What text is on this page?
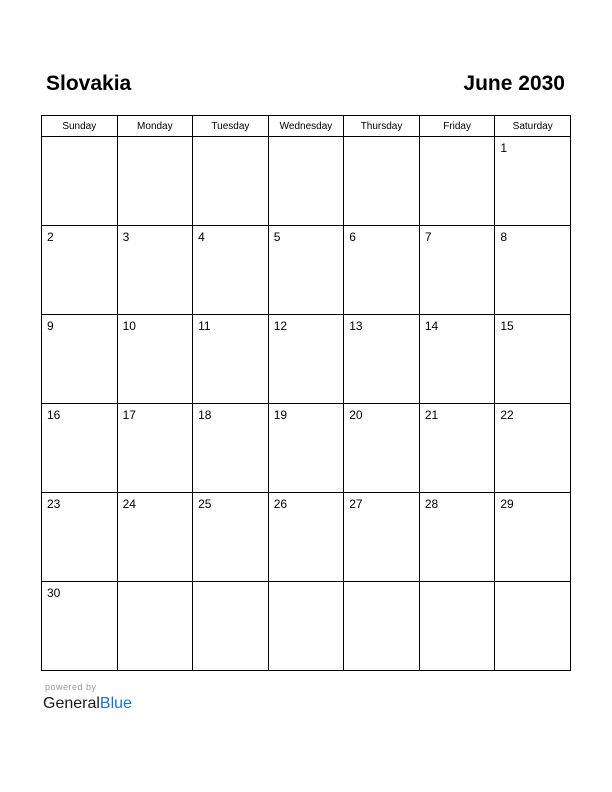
Slovakia	June 2030
Sunday	Monday	Tuesday	Wednesday	Thursday	Friday	Saturday

						1

2	3	4	5	6	7	8

9	10	11	12	13	14	15

16	17	18	19	20	21	22

23	24	25	26	27	28	29

30						

powered by
GeneralBlue
